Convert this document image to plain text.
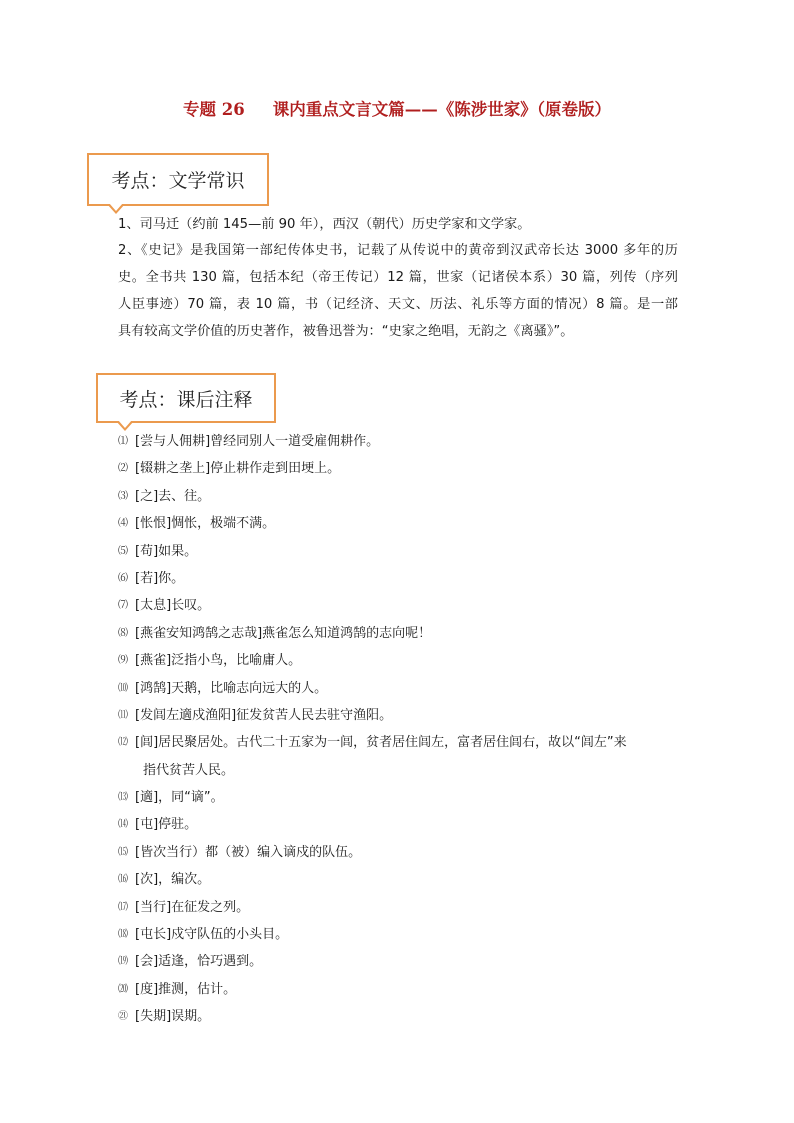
专题 26 课内重点文言文篇——《陈涉世家》（原卷版）
考点：文学常识
1、司马迁（约前 145—前 90 年），西汉（朝代）历史学家和文学家。
2、《史记》是我国第一部纪传体史书，记载了从传说中的黄帝到汉武帝长达 3000 多年的历
史。全书共 130 篇，包括本纪（帝王传记）12 篇，世家（记诸侯本系）30 篇，列传（序列
人臣事迹）70 篇，表 10 篇，书（记经济、天文、历法、礼乐等方面的情况）8 篇。是一部
具有较高文学价值的历史著作，被鲁迅誉为：“史家之绝唱，无韵之《离骚》”。
考点：课后注释
⑴ [尝与人佣耕]曾经同别人一道受雇佣耕作。
⑵ [辍耕之垄上]停止耕作走到田埂上。
⑶ [之]去、往。
⑷ [怅恨]惆怅，极端不满。
⑸ [苟]如果。
⑹ [若]你。
⑺ [太息]长叹。
⑻ [燕雀安知鸿鹄之志哉]燕雀怎么知道鸿鹄的志向呢！
⑼ [燕雀]泛指小鸟，比喻庸人。
⑽ [鸿鹄]天鹅，比喻志向远大的人。
⑾ [发闾左適戍渔阳]征发贫苦人民去驻守渔阳。
⑿ [闾]居民聚居处。古代二十五家为一闾，贫者居住闾左，富者居住闾右，故以“闾左”来
指代贫苦人民。
⒀ [適]，同“谪”。
⒁ [屯]停驻。
⒂ [皆次当行）都（被）编入谪戍的队伍。
⒃ [次]，编次。
⒄ [当行]在征发之列。
⒅ [屯长]戍守队伍的小头目。
⒆ [会]适逢，恰巧遇到。
⒇ [度]推测，估计。
㉑ [失期]误期。
